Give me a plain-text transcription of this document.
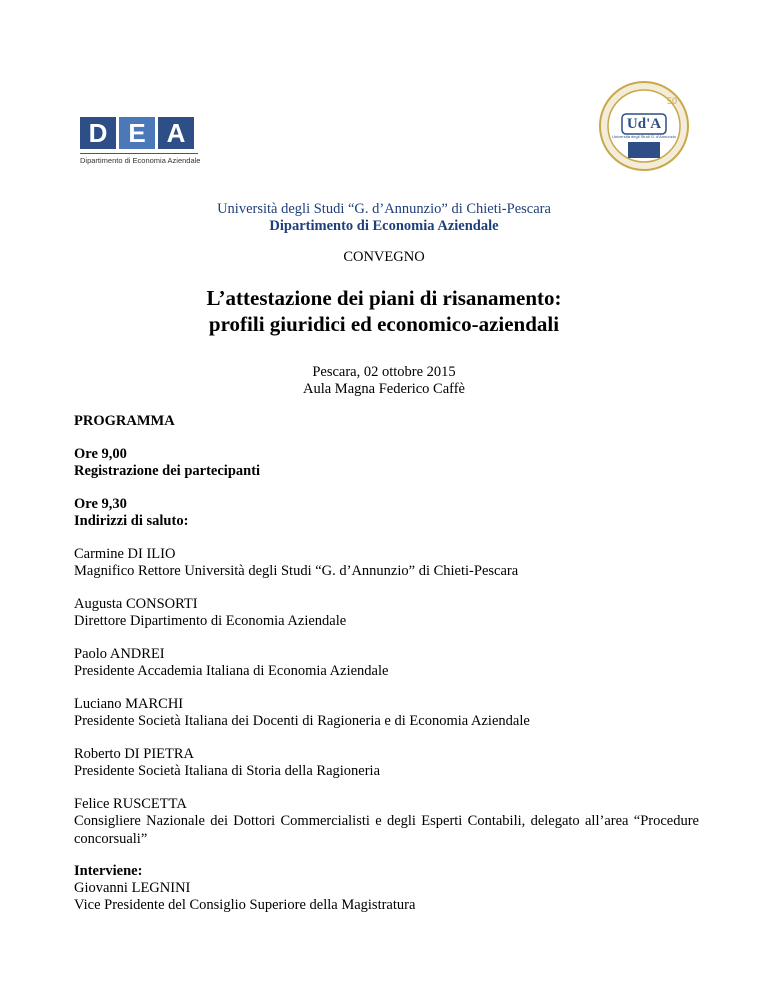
D E A
Dipartimento di Economia Aziendale
Ud'A
50
Università degli Studi G. d'Annunzio
Università degli Studi “G. d’Annunzio” di Chieti-Pescara
Dipartimento di Economia Aziendale
CONVEGNO
L’attestazione dei piani di risanamento:
profili giuridici ed economico-aziendali
Pescara, 02 ottobre 2015
Aula Magna Federico Caffè
PROGRAMMA
Ore 9,00
Registrazione dei partecipanti
Ore 9,30
Indirizzi di saluto:
Carmine DI ILIO
Magnifico Rettore Università degli Studi “G. d’Annunzio” di Chieti-Pescara
Augusta CONSORTI
Direttore Dipartimento di Economia Aziendale
Paolo ANDREI
Presidente Accademia Italiana di Economia Aziendale
Luciano MARCHI
Presidente Società Italiana dei Docenti di Ragioneria e di Economia Aziendale
Roberto DI PIETRA
Presidente Società Italiana di Storia della Ragioneria
Felice RUSCETTA
Consigliere Nazionale dei Dottori Commercialisti e degli Esperti Contabili, delegato all’area “Procedure concorsuali”
Interviene:
Giovanni LEGNINI
Vice Presidente del Consiglio Superiore della Magistratura
